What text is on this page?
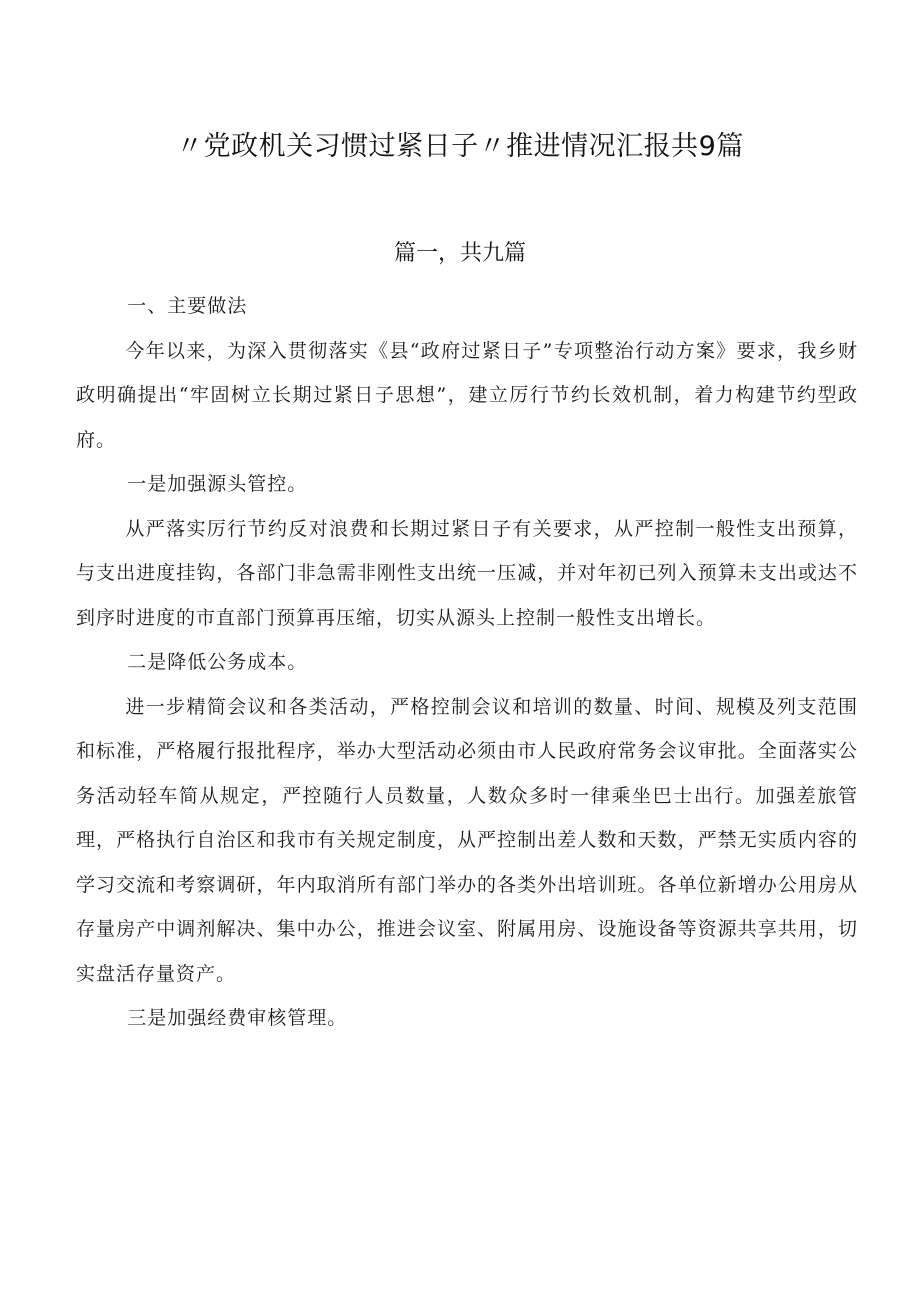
〃党政机关习惯过紧日子〃推进情况汇报共9篇
篇一，共九篇

一、主要做法

今年以来，为深入贯彻落实《县“政府过紧日子”专项整治行动方案》要求，我乡财政明确提出“牢固树立长期过紧日子思想”，建立厉行节约长效机制，着力构建节约型政府。

一是加强源头管控。

从严落实厉行节约反对浪费和长期过紧日子有关要求，从严控制一般性支出预算，与支出进度挂钩，各部门非急需非刚性支出统一压减，并对年初已列入预算未支出或达不到序时进度的市直部门预算再压缩，切实从源头上控制一般性支出增长。

二是降低公务成本。

进一步精简会议和各类活动，严格控制会议和培训的数量、时间、规模及列支范围和标准，严格履行报批程序，举办大型活动必须由市人民政府常务会议审批。全面落实公务活动轻车简从规定，严控随行人员数量，人数众多时一律乘坐巴士出行。加强差旅管理，严格执行自治区和我市有关规定制度，从严控制出差人数和天数，严禁无实质内容的学习交流和考察调研，年内取消所有部门举办的各类外出培训班。各单位新增办公用房从存量房产中调剂解决、集中办公，推进会议室、附属用房、设施设备等资源共享共用，切实盘活存量资产。

三是加强经费审核管理。
